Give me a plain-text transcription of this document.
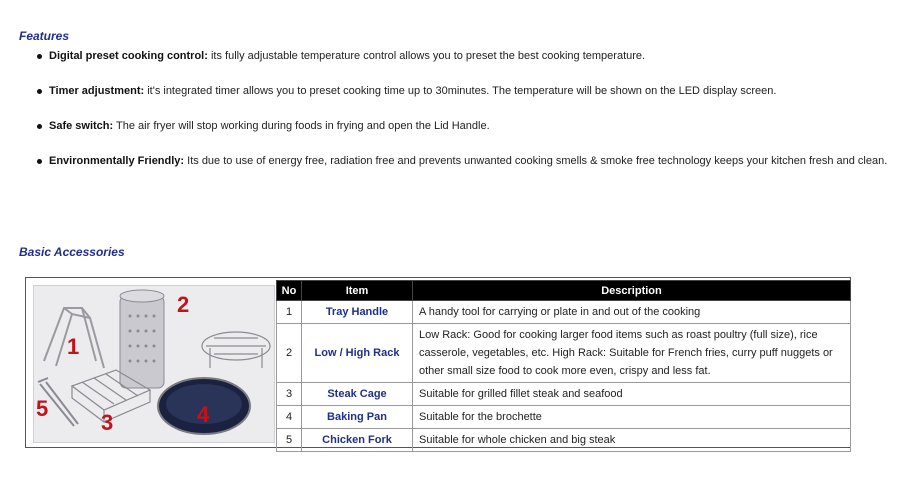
Features
Digital preset cooking control: its fully adjustable temperature control allows you to preset the best cooking temperature.
Timer adjustment: it's integrated timer allows you to preset cooking time up to 30minutes. The temperature will be shown on the LED display screen.
Safe switch: The air fryer will stop working during foods in frying and open the Lid Handle.
Environmentally Friendly: Its due to use of energy free, radiation free and prevents unwanted cooking smells & smoke free technology keeps your kitchen fresh and clean.
Basic Accessories
1
2
3	4
5
No	Item	Description
1	Tray Handle	A handy tool for carrying or plate in and out of the cooking
2	Low / High Rack	Low Rack: Good for cooking larger food items such as roast poultry (full size), rice casserole, vegetables, etc. High Rack: Suitable for French fries, curry puff nuggets or other small size food to cook more even, crispy and less fat.
3	Steak Cage	Suitable for grilled fillet steak and seafood
4	Baking Pan	Suitable for the brochette
5	Chicken Fork	Suitable for whole chicken and big steak
